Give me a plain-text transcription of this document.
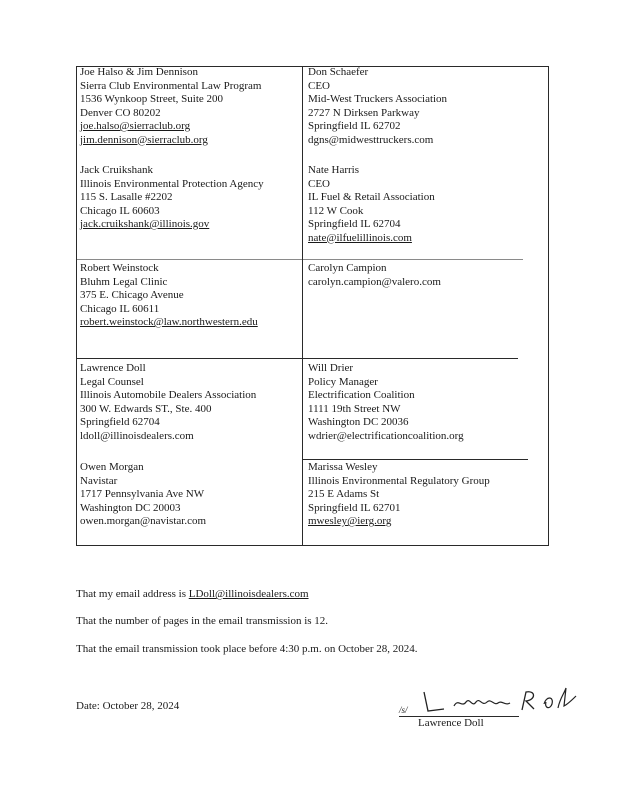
Joe Halso & Jim Dennison
Sierra Club Environmental Law Program
1536 Wynkoop Street, Suite 200
Denver CO 80202
joe.halso@sierraclub.org
jim.dennison@sierraclub.org
Don Schaefer
CEO
Mid-West Truckers Association
2727 N Dirksen Parkway
Springfield IL 62702
dgns@midwesttruckers.com
Jack Cruikshank
Illinois Environmental Protection Agency
115 S. Lasalle #2202
Chicago IL 60603
jack.cruikshank@illinois.gov
Nate Harris
CEO
IL Fuel & Retail Association
112 W Cook
Springfield IL 62704
nate@ilfuelillinois.com
Robert Weinstock
Bluhm Legal Clinic
375 E. Chicago Avenue
Chicago IL 60611
robert.weinstock@law.northwestern.edu
Carolyn Campion
carolyn.campion@valero.com
Lawrence Doll
Legal Counsel
Illinois Automobile Dealers Association
300 W. Edwards ST., Ste. 400
Springfield 62704
ldoll@illinoisdealers.com
Will Drier
Policy Manager
Electrification Coalition
1111 19th Street NW
Washington DC 20036
wdrier@electrificationcoalition.org
Owen Morgan
Navistar
1717 Pennsylvania Ave NW
Washington DC 20003
owen.morgan@navistar.com
Marissa Wesley
Illinois Environmental Regulatory Group
215 E Adams St
Springfield IL 62701
mwesley@ierg.org
That my email address is LDoll@illinoisdealers.com
That the number of pages in the email transmission is 12.
That the email transmission took place before 4:30 p.m. on October 28, 2024.
Date: October 28, 2024	/s/
Lawrence Doll
